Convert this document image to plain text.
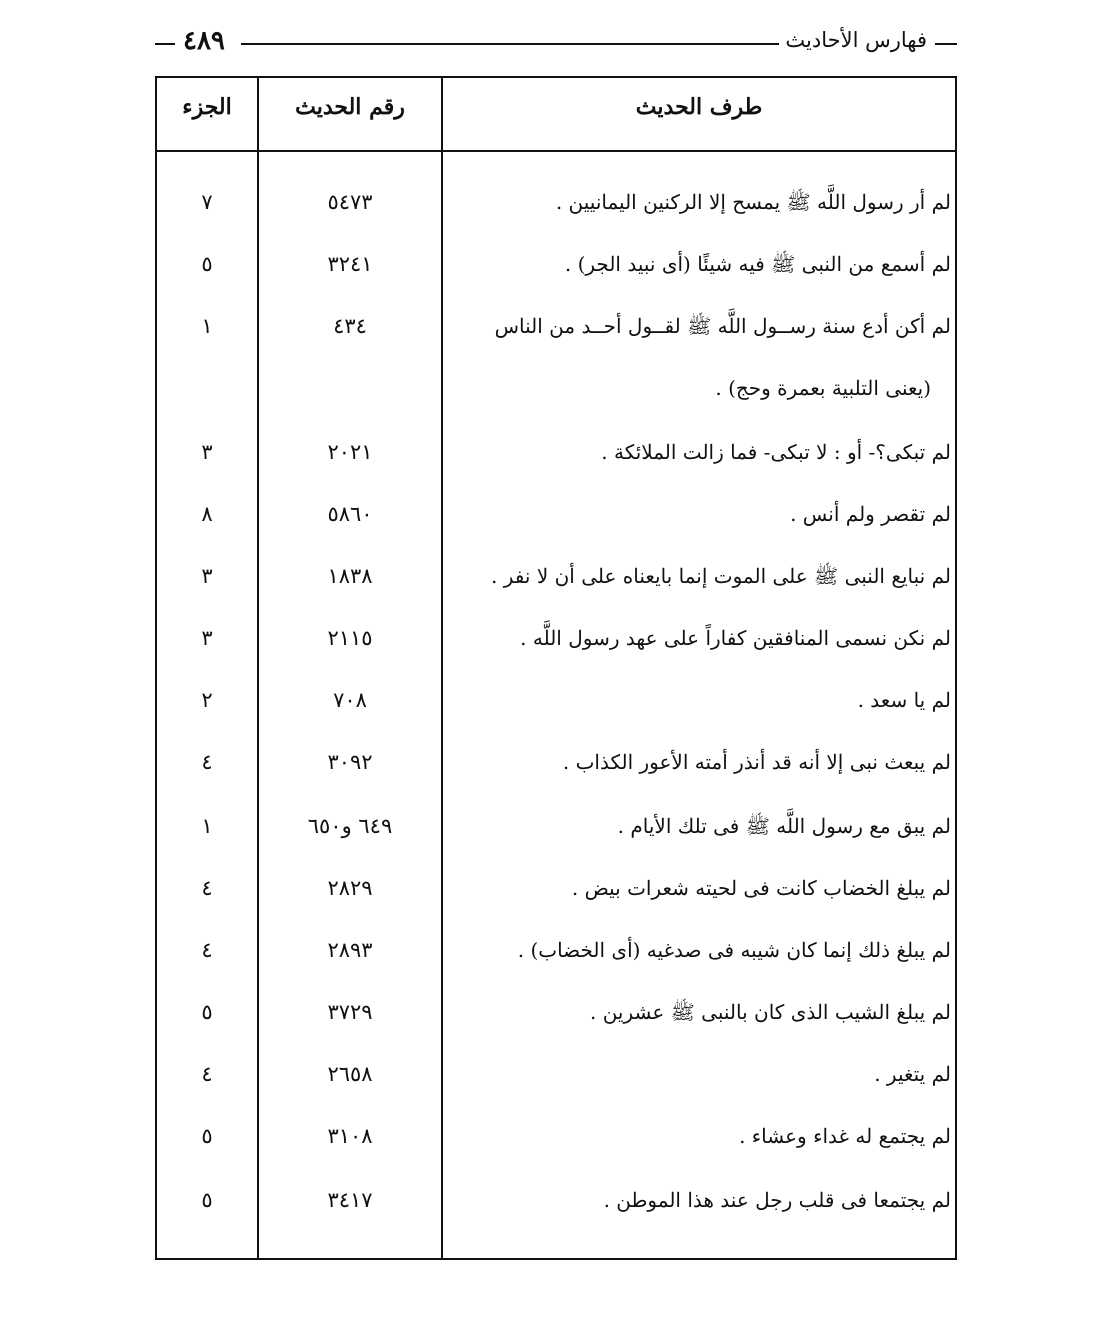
٤٨٩	فهارس الأحاديث
الجزء	رقم الحديث	طرف الحديث
٧	٥٤٧٣	لم أر رسول اللَّه ﷺ يمسح إلا الركنين اليمانيين .
٥	٣٢٤١	لم أسمع من النبى ﷺ فيه شيئًا (أى نبيد الجر) .
١	٤٣٤	لم أكن أدع سنة رســول اللَّه ﷺ لقــول أحــد من الناس
(يعنى التلبية بعمرة وحج) .
٣	٢٠٢١	لم تبكى؟- أو : لا تبكى- فما زالت الملائكة .
٨	٥٨٦٠	لم تقصر ولم أنس .
٣	١٨٣٨	لم نبايع النبى ﷺ على الموت إنما بايعناه على أن لا نفر .
٣	٢١١٥	لم نكن نسمى المنافقين كفاراً على عهد رسول اللَّه .
٢	٧٠٨	لم يا سعد .
٤	٣٠٩٢	لم يبعث نبى إلا أنه قد أنذر أمته الأعور الكذاب .
١	٦٤٩ و٦٥٠	لم يبق مع رسول اللَّه ﷺ فى تلك الأيام .
٤	٢٨٢٩	لم يبلغ الخضاب كانت فى لحيته شعرات بيض .
٤	٢٨٩٣	لم يبلغ ذلك إنما كان شيبه فى صدغيه (أى الخضاب) .
٥	٣٧٢٩	لم يبلغ الشيب الذى كان بالنبى ﷺ عشرين .
٤	٢٦٥٨	لم يتغير .
٥	٣١٠٨	لم يجتمع له غداء وعشاء .
٥	٣٤١٧	لم يجتمعا فى قلب رجل عند هذا الموطن .
